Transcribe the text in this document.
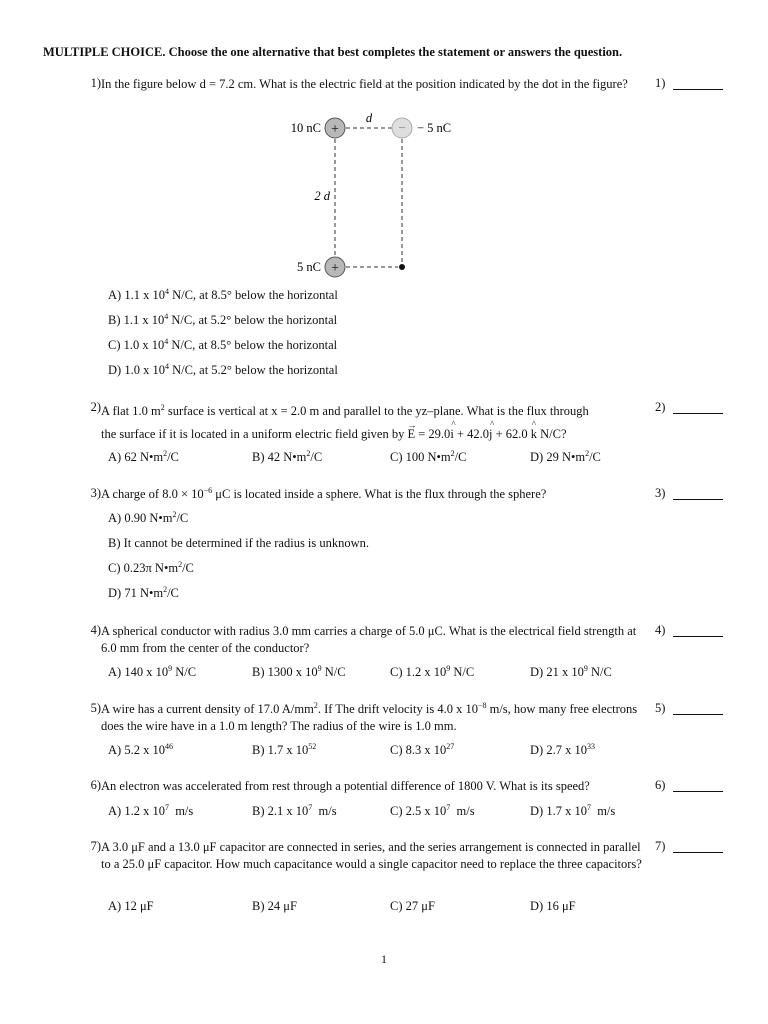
MULTIPLE CHOICE. Choose the one alternative that best completes the statement or answers the question.
1) In the figure below d = 7.2 cm. What is the electric field at the position indicated by the dot in the figure?	1)
+	−
+
10 nC	− 5 nC
5 nC
d
2 d
A) 1.1 x $10^4$ N/C, at 8.5° below the horizontal
B) 1.1 x $10^4$ N/C, at 5.2° below the horizontal
C) 1.0 x $10^4$ N/C, at 8.5° below the horizontal
D) 1.0 x $10^4$ N/C, at 5.2° below the horizontal
2) A flat 1.0 $m^2$ surface is vertical at x = 2.0 m and parallel to the yz–plane. What is the flux through
the surface if it is located in a uniform electric field given by
→
E = 29.0
^
i + 42.0
^
j + 62.0
^
k N/C?
2)
A) 62 $N•m^2/C$	B) 42 $N•m^2/C$	C) 100 $N•m^2/C$	D) 29 $N•m^2/C$
3) A charge of $8.0 \times 10^{-6}$ μC is located inside a sphere. What is the flux through the sphere?	3)
A) 0.90 $N•m^2/C$
B) It cannot be determined if the radius is unknown.
C) 0.23π $N•m^2/C$
D) 71 $N•m^2/C$
4) A spherical conductor with radius 3.0 mm carries a charge of 5.0 μC. What is the electrical field strength at 6.0 mm from the center of the conductor?
4)
A) 140 x $10^9$ N/C	B) 1300 x $10^9$ N/C	C) 1.2 x $10^9$ N/C	D) 21 x $10^9$ N/C
5) A wire has a current density of 17.0 $A/mm^2$. If The drift velocity is 4.0 x $10^{-8}$ m/s, how many free electrons does the wire have in a 1.0 m length? The radius of the wire is 1.0 mm.
5)
A) 5.2 x $10^{46}$	B) 1.7 x $10^{52}$	C) 8.3 x $10^{27}$	D) 2.7 x $10^{33}$
6) An electron was accelerated from rest through a potential difference of 1800 V. What is its speed?	6)
A) 1.2 x $10^7$  m/s	B) 2.1 x $10^7$  m/s	C) 2.5 x $10^7$  m/s	D) 1.7 x $10^7$  m/s
7) A 3.0 μF and a 13.0 μF capacitor are connected in series, and the series arrangement is connected in parallel to a 25.0 μF capacitor. How much capacitance would a single capacitor need to replace the three capacitors?
7)
A) 12 μF	B) 24 μF	C) 27 μF	D) 16 μF
1
